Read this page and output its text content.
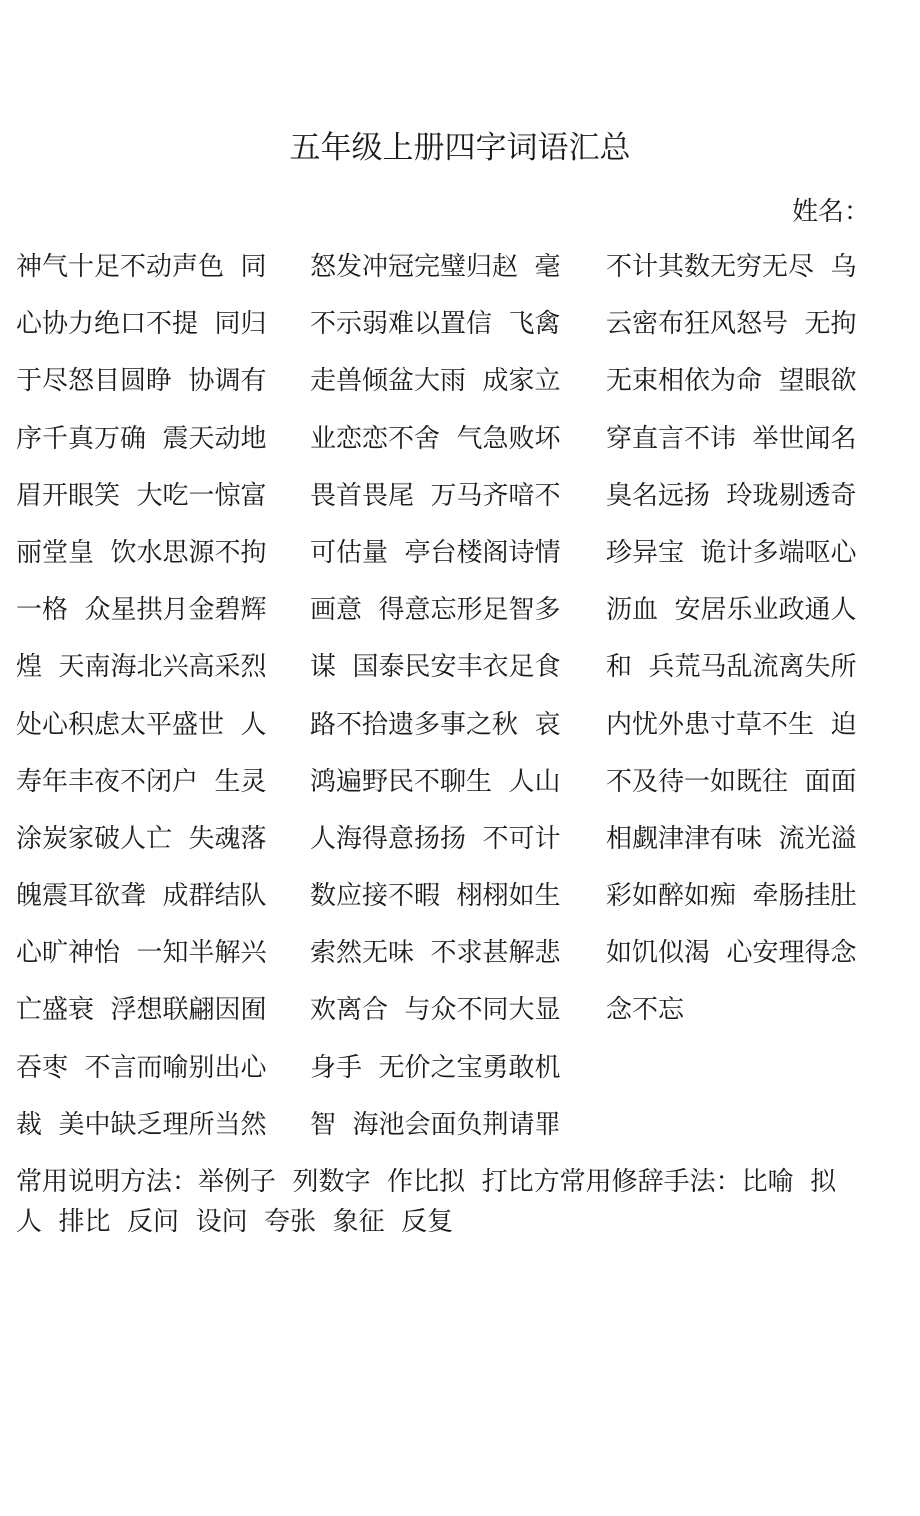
五年级上册四字词语汇总
姓名：
神气十足不动声色  同
心协力绝口不提  同归
于尽怒目圆睁  协调有
序千真万确  震天动地
眉开眼笑  大吃一惊富
丽堂皇  饮水思源不拘
一格  众星拱月金碧辉
煌  天南海北兴高采烈
处心积虑太平盛世  人
寿年丰夜不闭户  生灵
涂炭家破人亡  失魂落
魄震耳欲聋  成群结队
心旷神怡  一知半解兴
亡盛衰  浮想联翩因囿
吞枣  不言而喻别出心
裁  美中缺乏理所当然
怒发冲冠完璧归赵  毫
不示弱难以置信  飞禽
走兽倾盆大雨  成家立
业恋恋不舍  气急败坏
畏首畏尾  万马齐喑不
可估量  亭台楼阁诗情
画意  得意忘形足智多
谋  国泰民安丰衣足食
路不拾遗多事之秋  哀
鸿遍野民不聊生  人山
人海得意扬扬  不可计
数应接不暇  栩栩如生
索然无味  不求甚解悲
欢离合  与众不同大显
身手  无价之宝勇敢机
智  海池会面负荆请罪
不计其数无穷无尽  乌
云密布狂风怒号  无拘
无束相依为命  望眼欲
穿直言不讳  举世闻名
臭名远扬  玲珑剔透奇
珍异宝  诡计多端呕心
沥血  安居乐业政通人
和  兵荒马乱流离失所
内忧外患寸草不生  迫
不及待一如既往  面面
相觑津津有味  流光溢
彩如醉如痴  牵肠挂肚
如饥似渴  心安理得念
念不忘
常用说明方法：举例子  列数字  作比拟  打比方常用修辞手法：比喻  拟
人  排比  反问  设问  夸张  象征  反复
